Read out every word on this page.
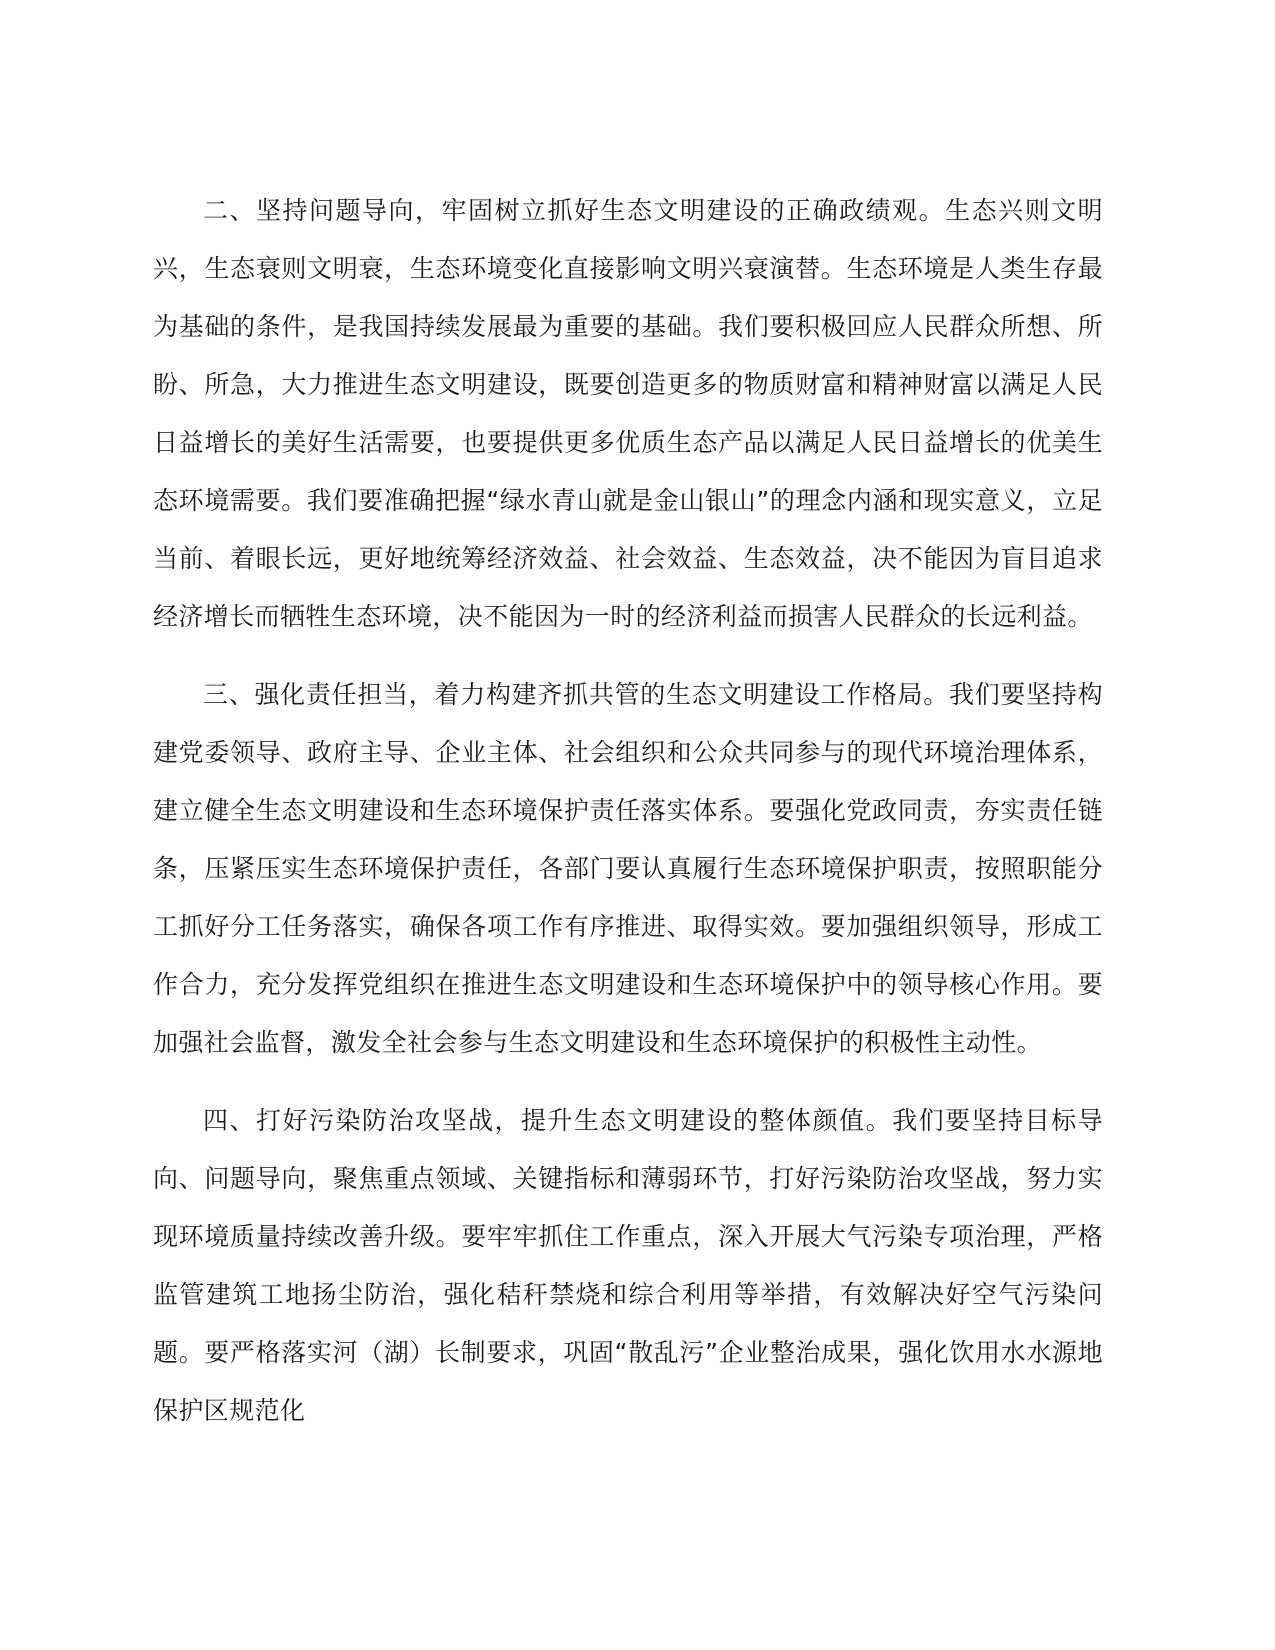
二、坚持问题导向，牢固树立抓好生态文明建设的正确政绩观。生态兴则文明兴，生态衰则文明衰，生态环境变化直接影响文明兴衰演替。生态环境是人类生存最为基础的条件，是我国持续发展最为重要的基础。我们要积极回应人民群众所想、所盼、所急，大力推进生态文明建设，既要创造更多的物质财富和精神财富以满足人民日益增长的美好生活需要，也要提供更多优质生态产品以满足人民日益增长的优美生态环境需要。我们要准确把握“绿水青山就是金山银山”的理念内涵和现实意义，立足当前、着眼长远，更好地统筹经济效益、社会效益、生态效益，决不能因为盲目追求经济增长而牺牲生态环境，决不能因为一时的经济利益而损害人民群众的长远利益。

三、强化责任担当，着力构建齐抓共管的生态文明建设工作格局。我们要坚持构建党委领导、政府主导、企业主体、社会组织和公众共同参与的现代环境治理体系，建立健全生态文明建设和生态环境保护责任落实体系。要强化党政同责，夯实责任链条，压紧压实生态环境保护责任，各部门要认真履行生态环境保护职责，按照职能分工抓好分工任务落实，确保各项工作有序推进、取得实效。要加强组织领导，形成工作合力，充分发挥党组织在推进生态文明建设和生态环境保护中的领导核心作用。要加强社会监督，激发全社会参与生态文明建设和生态环境保护的积极性主动性。

四、打好污染防治攻坚战，提升生态文明建设的整体颜值。我们要坚持目标导向、问题导向，聚焦重点领域、关键指标和薄弱环节，打好污染防治攻坚战，努力实现环境质量持续改善升级。要牢牢抓住工作重点，深入开展大气污染专项治理，严格监管建筑工地扬尘防治，强化秸秆禁烧和综合利用等举措，有效解决好空气污染问题。要严格落实河（湖）长制要求，巩固“散乱污”企业整治成果，强化饮用水水源地保护区规范化
